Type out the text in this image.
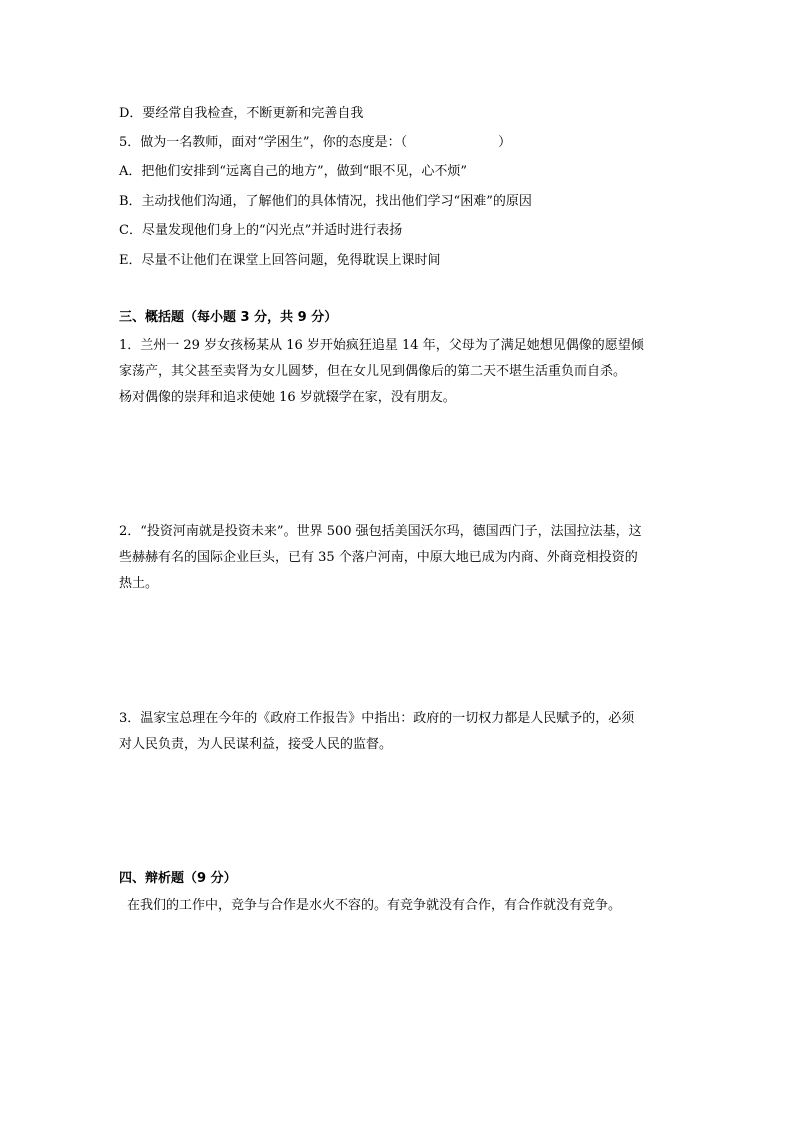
D．要经常自我检查，不断更新和完善自我
5．做为一名教师，面对“学困生”，你的态度是：（　　　　　　　）
A．把他们安排到“远离自己的地方”，做到“眼不见，心不烦”
B．主动找他们沟通，了解他们的具体情况，找出他们学习“困难”的原因
C．尽量发现他们身上的“闪光点”并适时进行表扬
E．尽量不让他们在课堂上回答问题，免得耽误上课时间
三、概括题（每小题 3 分，共 9 分）
1．兰州一 29 岁女孩杨某从 16 岁开始疯狂追星 14 年，父母为了满足她想见偶像的愿望倾
家荡产，其父甚至卖肾为女儿圆梦，但在女儿见到偶像后的第二天不堪生活重负而自杀。
杨对偶像的崇拜和追求使她 16 岁就辍学在家，没有朋友。
2．“投资河南就是投资未来”。世界 500 强包括美国沃尔玛，德国西门子，法国拉法基，这
些赫赫有名的国际企业巨头，已有 35 个落户河南，中原大地已成为内商、外商竞相投资的
热土。
3．温家宝总理在今年的《政府工作报告》中指出：政府的一切权力都是人民赋予的，必须
对人民负责，为人民谋利益，接受人民的监督。
四、辩析题（9 分）
在我们的工作中，竞争与合作是水火不容的。有竞争就没有合作，有合作就没有竞争。
